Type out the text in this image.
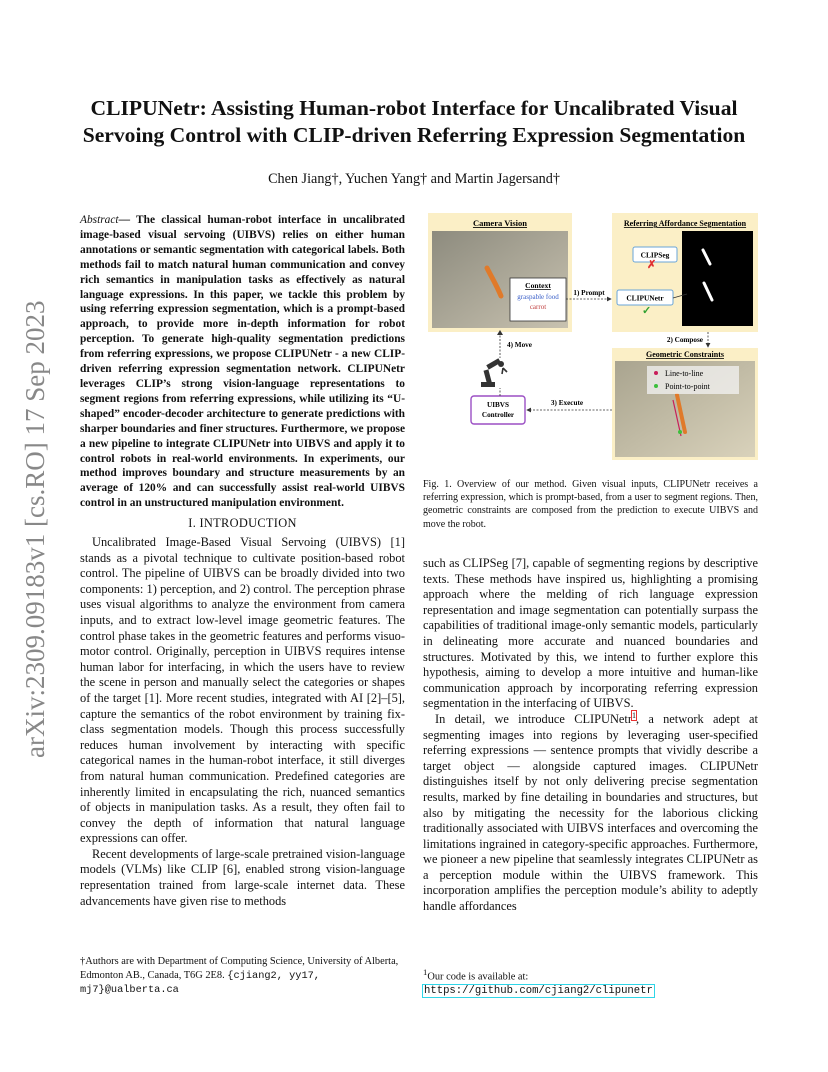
arXiv:2309.09183v1 [cs.RO] 17 Sep 2023
CLIPUNetr: Assisting Human-robot Interface for Uncalibrated Visual Servoing Control with CLIP-driven Referring Expression Segmentation
Chen Jiang†, Yuchen Yang† and Martin Jagersand†
Abstract— The classical human-robot interface in uncalibrated image-based visual servoing (UIBVS) relies on either human annotations or semantic segmentation with categorical labels. Both methods fail to match natural human communication and convey rich semantics in manipulation tasks as effectively as natural language expressions. In this paper, we tackle this problem by using referring expression segmentation, which is a prompt-based approach, to provide more in-depth information for robot perception. To generate high-quality segmentation predictions from referring expressions, we propose CLIPUNetr - a new CLIP-driven referring expression segmentation network. CLIPUNetr leverages CLIP’s strong vision-language representations to segment regions from referring expressions, while utilizing its “U-shaped” encoder-decoder architecture to generate predictions with sharper boundaries and finer structures. Furthermore, we propose a new pipeline to integrate CLIPUNetr into UIBVS and apply it to control robots in real-world environments. In experiments, our method improves boundary and structure measurements by an average of 120% and can successfully assist real-world UIBVS control in an unstructured manipulation environment.
I. INTRODUCTION

Uncalibrated Image-Based Visual Servoing (UIBVS) [1] stands as a pivotal technique to cultivate position-based robot control. The pipeline of UIBVS can be broadly divided into two components: 1) perception, and 2) control. The perception phrase uses visual algorithms to analyze the environment from camera inputs, and to extract low-level image geometric features. The control phase takes in the geometric features and performs visuo-motor control. Originally, perception in UIBVS requires intense human labor for interfacing, in which the users have to review the scene in person and manually select the categories or shapes of the target [1]. More recent studies, integrated with AI [2]–[5], capture the semantics of the robot environment by training fix-class segmentation models. Though this process successfully reduces human involvement by interacting with specific categorical names in the human-robot interface, it still diverges from natural human communication. Predefined categories are inherently limited in encapsulating the rich, nuanced semantics of objects in manipulation tasks. As a result, they often fail to convey the depth of information that natural language expressions can offer.

Recent developments of large-scale pretrained vision-language models (VLMs) like CLIP [6], enabled strong vision-language representation trained from large-scale internet data. These advancements have given rise to methods

†Authors are with Department of Computing Science, University of Alberta, Edmonton AB., Canada, T6G 2E8. {cjiang2, yy17, mj7}@ualberta.ca
Camera Vision
Context
graspable food
carrot
1) Prompt
Referring Affordance Segmentation
CLIPSeg
✗
CLIPUNetr
✓
2) Compose
Geometric Constraints
Line-to-line
Point-to-point
4) Move
UIBVS
Controller
3) Execute
Fig. 1. Overview of our method. Given visual inputs, CLIPUNetr receives a referring expression, which is prompt-based, from a user to segment regions. Then, geometric constraints are composed from the prediction to execute UIBVS and move the robot.

such as CLIPSeg [7], capable of segmenting regions by descriptive texts. These methods have inspired us, highlighting a promising approach where the melding of rich language expression representation and image segmentation can potentially surpass the capabilities of traditional image-only semantic models, particularly in delineating more accurate and nuanced boundaries and structures. Motivated by this, we intend to further explore this hypothesis, aiming to develop a more intuitive and human-like communication approach by incorporating referring expression segmentation in the interfacing of UIBVS.

In detail, we introduce CLIPUNetr$^1$, a network adept at segmenting images into regions by leveraging user-specified referring expressions — sentence prompts that vividly describe a target object — alongside captured images. CLIPUNetr distinguishes itself by not only delivering precise segmentation results, marked by fine detailing in boundaries and structures, but also by mitigating the necessity for the laborious clicking traditionally associated with UIBVS interfaces and overcoming the limitations ingrained in category-specific approaches. Furthermore, we pioneer a new pipeline that seamlessly integrates CLIPUNetr as a perception module within the UIBVS framework. This incorporation amplifies the perception module’s ability to adeptly handle affordances

$^1$Our code is available at: https://github.com/cjiang2/clipunetr
